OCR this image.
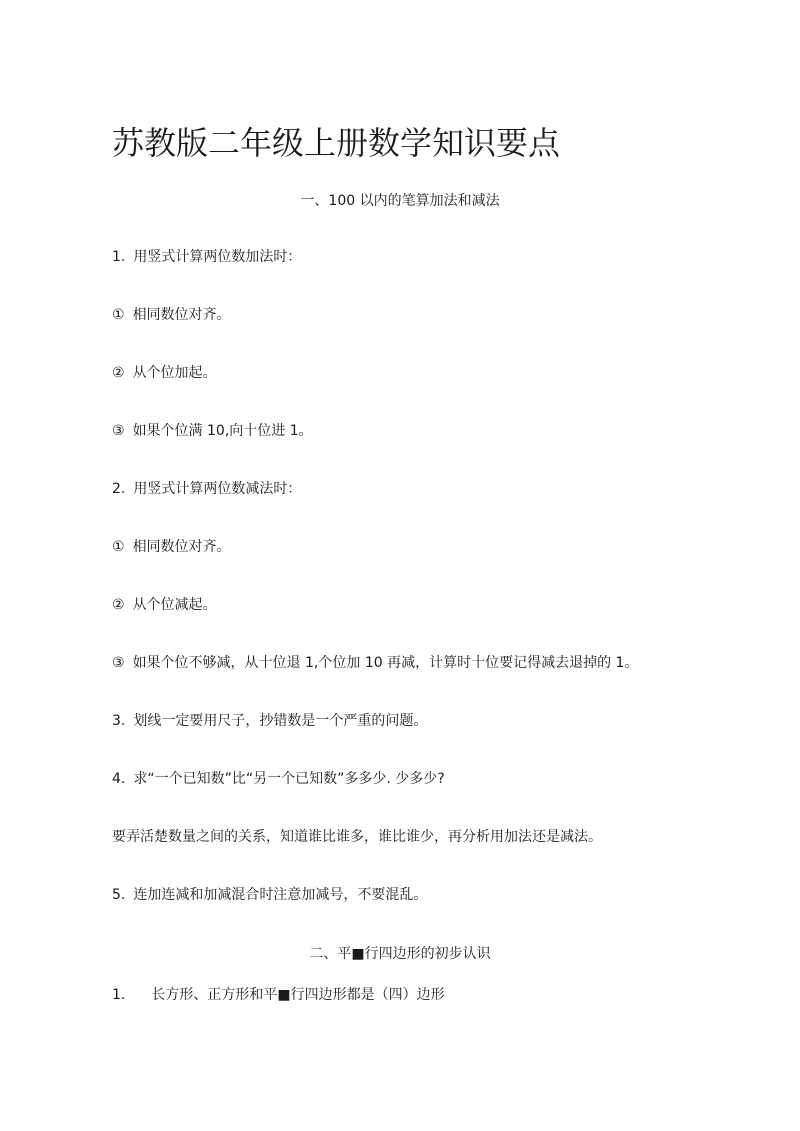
苏教版二年级上册数学知识要点
一、100 以内的笔算加法和减法
1. 用竖式计算两位数加法时：
① 相同数位对齐。
② 从个位加起。
③ 如果个位满 10,向十位进 1。
2. 用竖式计算两位数减法时：
① 相同数位对齐。
② 从个位减起。
③ 如果个位不够减，从十位退 1,个位加 10 再减，计算时十位要记得减去退掉的 1。
3. 划线一定要用尺子，抄错数是一个严重的问题。
4. 求“一个已知数”比“另一个已知数”多多少. 少多少?
要弄活楚数量之间的关系，知道谁比谁多，谁比谁少，再分析用加法还是减法。
5. 连加连减和加减混合时注意加减号，不要混乱。
二、平■行四边形的初步认识
1. 长方形、正方形和平■行四边形都是（四）边形
